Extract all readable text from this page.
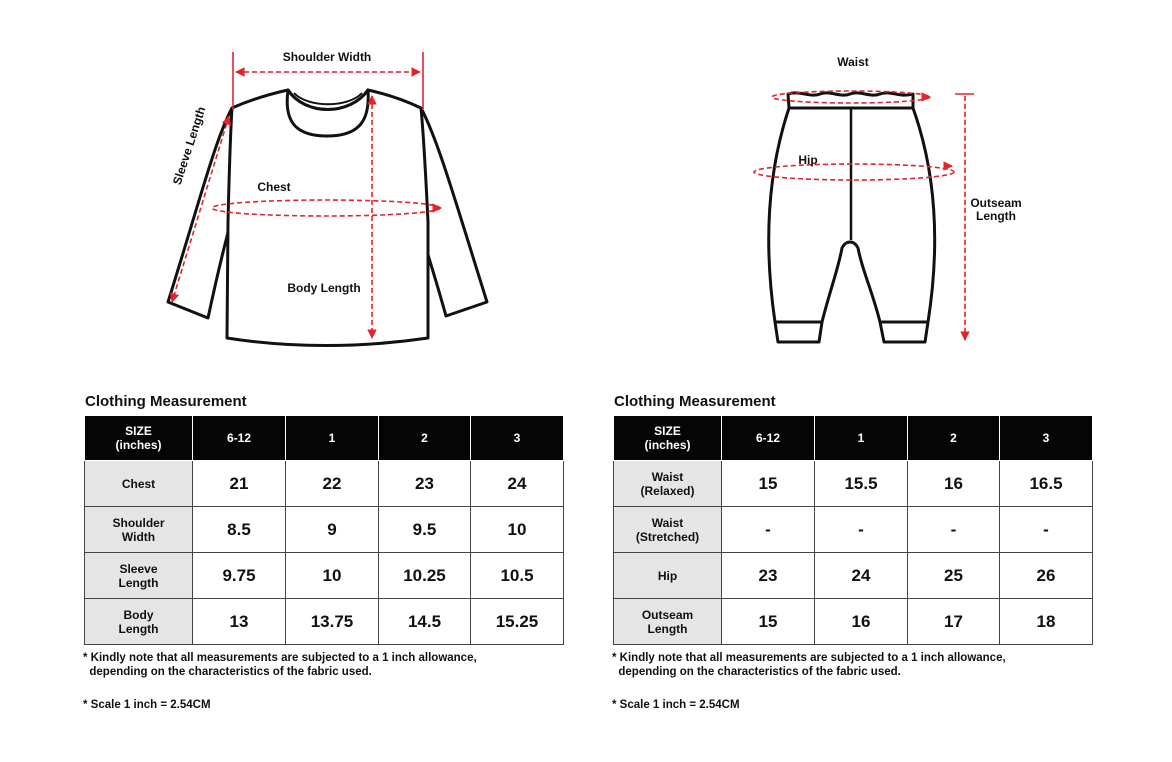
Shoulder Width
Sleeve Length
Chest
Body Length
Waist
Hip
Outseam
Length
Clothing Measurement
SIZE
(inches)	6-12	1	2	3
Chest	21	22	23	24
Shoulder
Width	8.5	9	9.5	10
Sleeve
Length	9.75	10	10.25	10.5
Body
Length	13	13.75	14.5	15.25
* Kindly note that all measurements are subjected to a 1 inch allowance,
depending on the characteristics of the fabric used.
* Scale 1 inch = 2.54CM
Clothing Measurement
SIZE
(inches)	6-12	1	2	3
Waist
(Relaxed)	15	15.5	16	16.5
Waist
(Stretched)	-	-	-	-
Hip	23	24	25	26
Outseam
Length	15	16	17	18
* Kindly note that all measurements are subjected to a 1 inch allowance,
depending on the characteristics of the fabric used.
* Scale 1 inch = 2.54CM
